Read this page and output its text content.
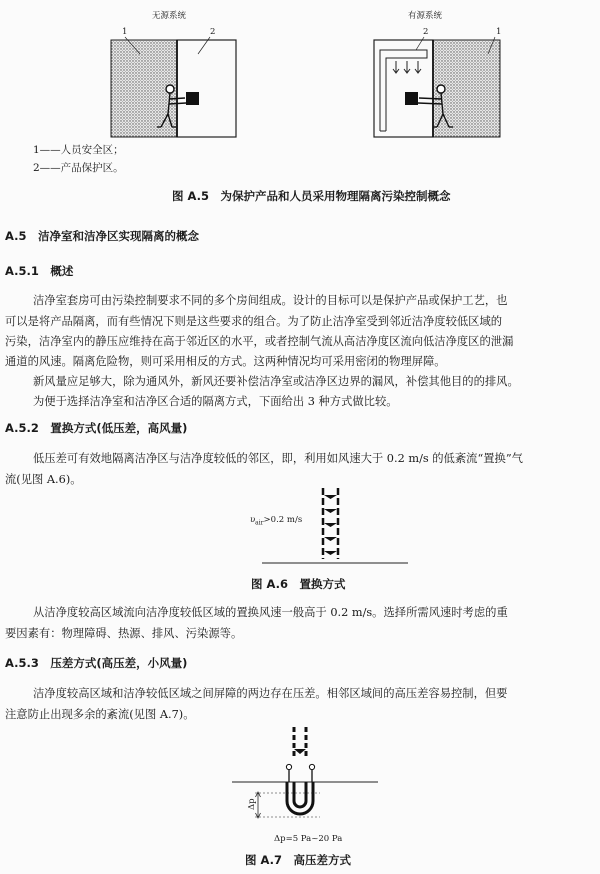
无源系统	有源系统
1	2	2	1
1——人员安全区；
2——产品保护区。
图 A.5　为保护产品和人员采用物理隔离污染控制概念
A.5　洁净室和洁净区实现隔离的概念
A.5.1　概述
洁净室套房可由污染控制要求不同的多个房间组成。设计的目标可以是保护产品或保护工艺，也
可以是将产品隔离，而有些情况下则是这些要求的组合。为了防止洁净室受到邻近洁净度较低区域的
污染，洁净室内的静压应维持在高于邻近区的水平，或者控制气流从高洁净度区流向低洁净度区的泄漏
通道的风速。隔离危险物，则可采用相反的方式。这两种情况均可采用密闭的物理屏障。
新风量应足够大，除为通风外，新风还要补偿洁净室或洁净区边界的漏风，补偿其他目的的排风。
为便于选择洁净室和洁净区合适的隔离方式，下面给出 3 种方式做比较。
A.5.2　置换方式(低压差，高风量)
低压差可有效地隔离洁净区与洁净度较低的邻区，即，利用如风速大于 0.2 m/s 的低紊流“置换”气
流(见图 A.6)。
$\upsilon_{air}>0.2$ m/s
图 A.6　置换方式
从洁净度较高区域流向洁净度较低区域的置换风速一般高于 0.2 m/s。选择所需风速时考虑的重
要因素有：物理障碍、热源、排风、污染源等。
A.5.3　压差方式(高压差，小风量)
洁净度较高区域和洁净较低区域之间屏障的两边存在压差。相邻区域间的高压差容易控制，但要
注意防止出现多余的紊流(见图 A.7)。
Δp
Δp=5 Pa~20 Pa
图 A.7　高压差方式
